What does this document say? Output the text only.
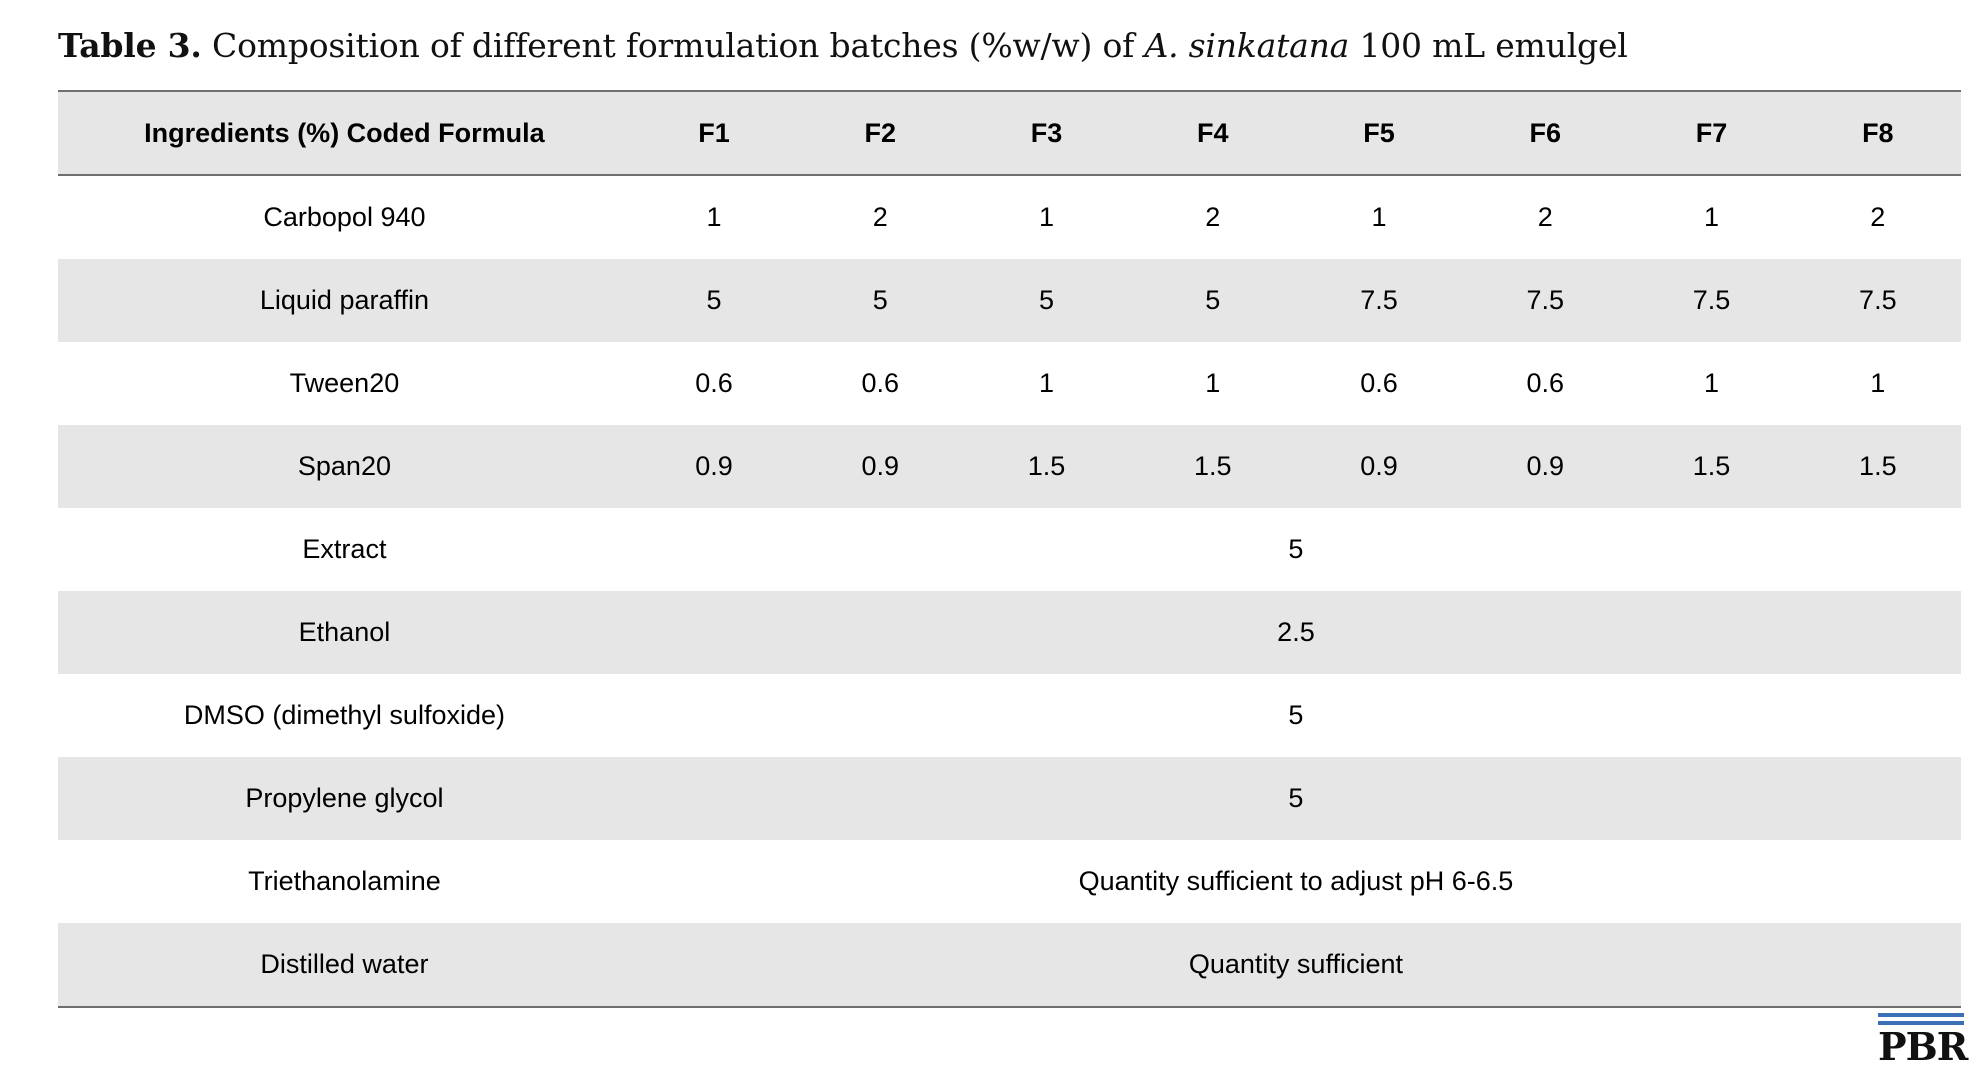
Table 3. Composition of different formulation batches (%w/w) of A. sinkatana 100 mL emulgel
Ingredients (%) Coded Formula	F1	F2	F3	F4	F5	F6	F7	F8
Carbopol 940	1	2	1	2	1	2	1	2
Liquid paraffin	5	5	5	5	7.5	7.5	7.5	7.5
Tween20	0.6	0.6	1	1	0.6	0.6	1	1
Span20	0.9	0.9	1.5	1.5	0.9	0.9	1.5	1.5
Extract	5							
Ethanol	2.5							
DMSO (dimethyl sulfoxide)	5							
Propylene glycol	5							
Triethanolamine	Quantity sufficient to adjust pH 6-6.5							
Distilled water	Quantity sufficient							
PBR
